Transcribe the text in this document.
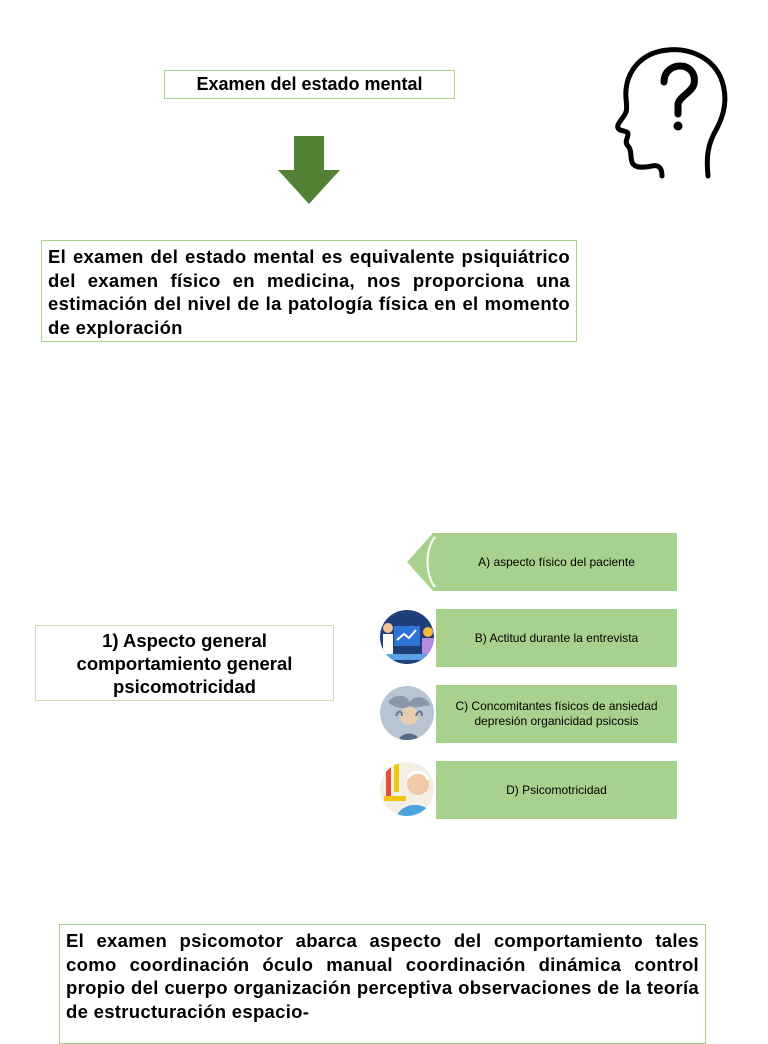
Examen del estado mental
El examen del estado mental es equivalente psiquiátrico del examen físico en medicina, nos proporciona una estimación del nivel de la patología física en el momento de exploración
1) Aspecto general
comportamiento general
psicomotricidad
A) aspecto físico del paciente
B) Actitud durante la entrevista
C) Concomitantes físicos de ansiedad
depresión organicidad psicosis
D) Psicomotricidad
El examen psicomotor abarca aspecto del comportamiento tales como coordinación óculo manual coordinación dinámica control propio del cuerpo organización perceptiva observaciones de la teoría de estructuración espacio-
